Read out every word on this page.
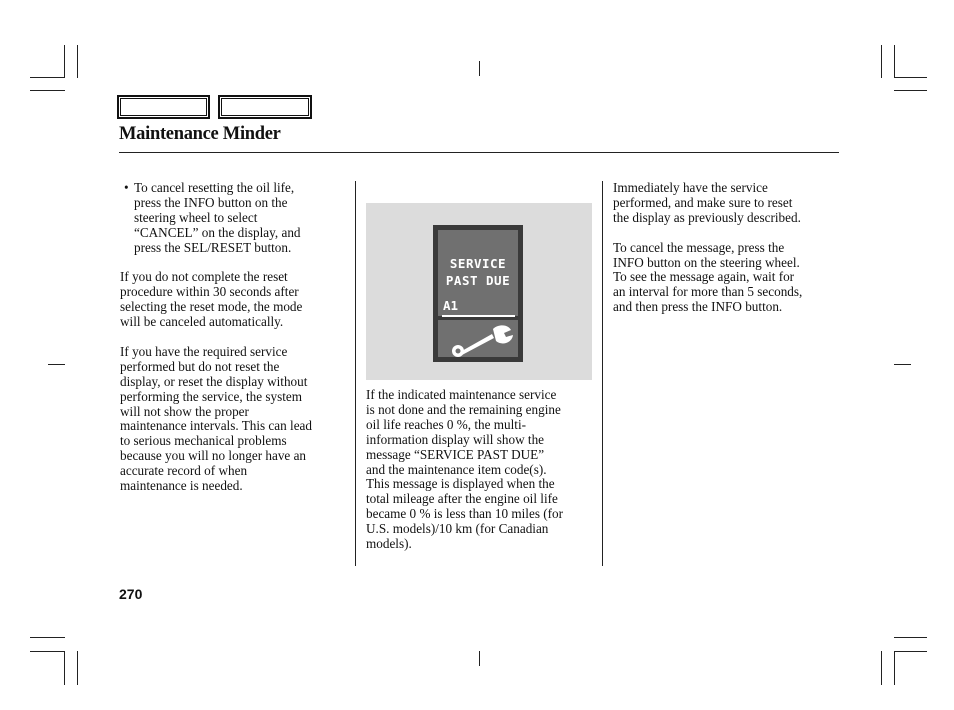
Maintenance Minder

• To cancel resetting the oil life,
press the INFO button on the
steering wheel to select
“CANCEL” on the display, and
press the SEL/RESET button.

If you do not complete the reset
procedure within 30 seconds after
selecting the reset mode, the mode
will be canceled automatically.

If you have the required service
performed but do not reset the
display, or reset the display without
performing the service, the system
will not show the proper
maintenance intervals. This can lead
to serious mechanical problems
because you will no longer have an
accurate record of when
maintenance is needed.

SERVICE
PAST DUE
A1

If the indicated maintenance service
is not done and the remaining engine
oil life reaches 0 %, the multi-
information display will show the
message “SERVICE PAST DUE”
and the maintenance item code(s).
This message is displayed when the
total mileage after the engine oil life
became 0 % is less than 10 miles (for
U.S. models)/10 km (for Canadian
models).

Immediately have the service
performed, and make sure to reset
the display as previously described.

To cancel the message, press the
INFO button on the steering wheel.
To see the message again, wait for
an interval for more than 5 seconds,
and then press the INFO button.

270
